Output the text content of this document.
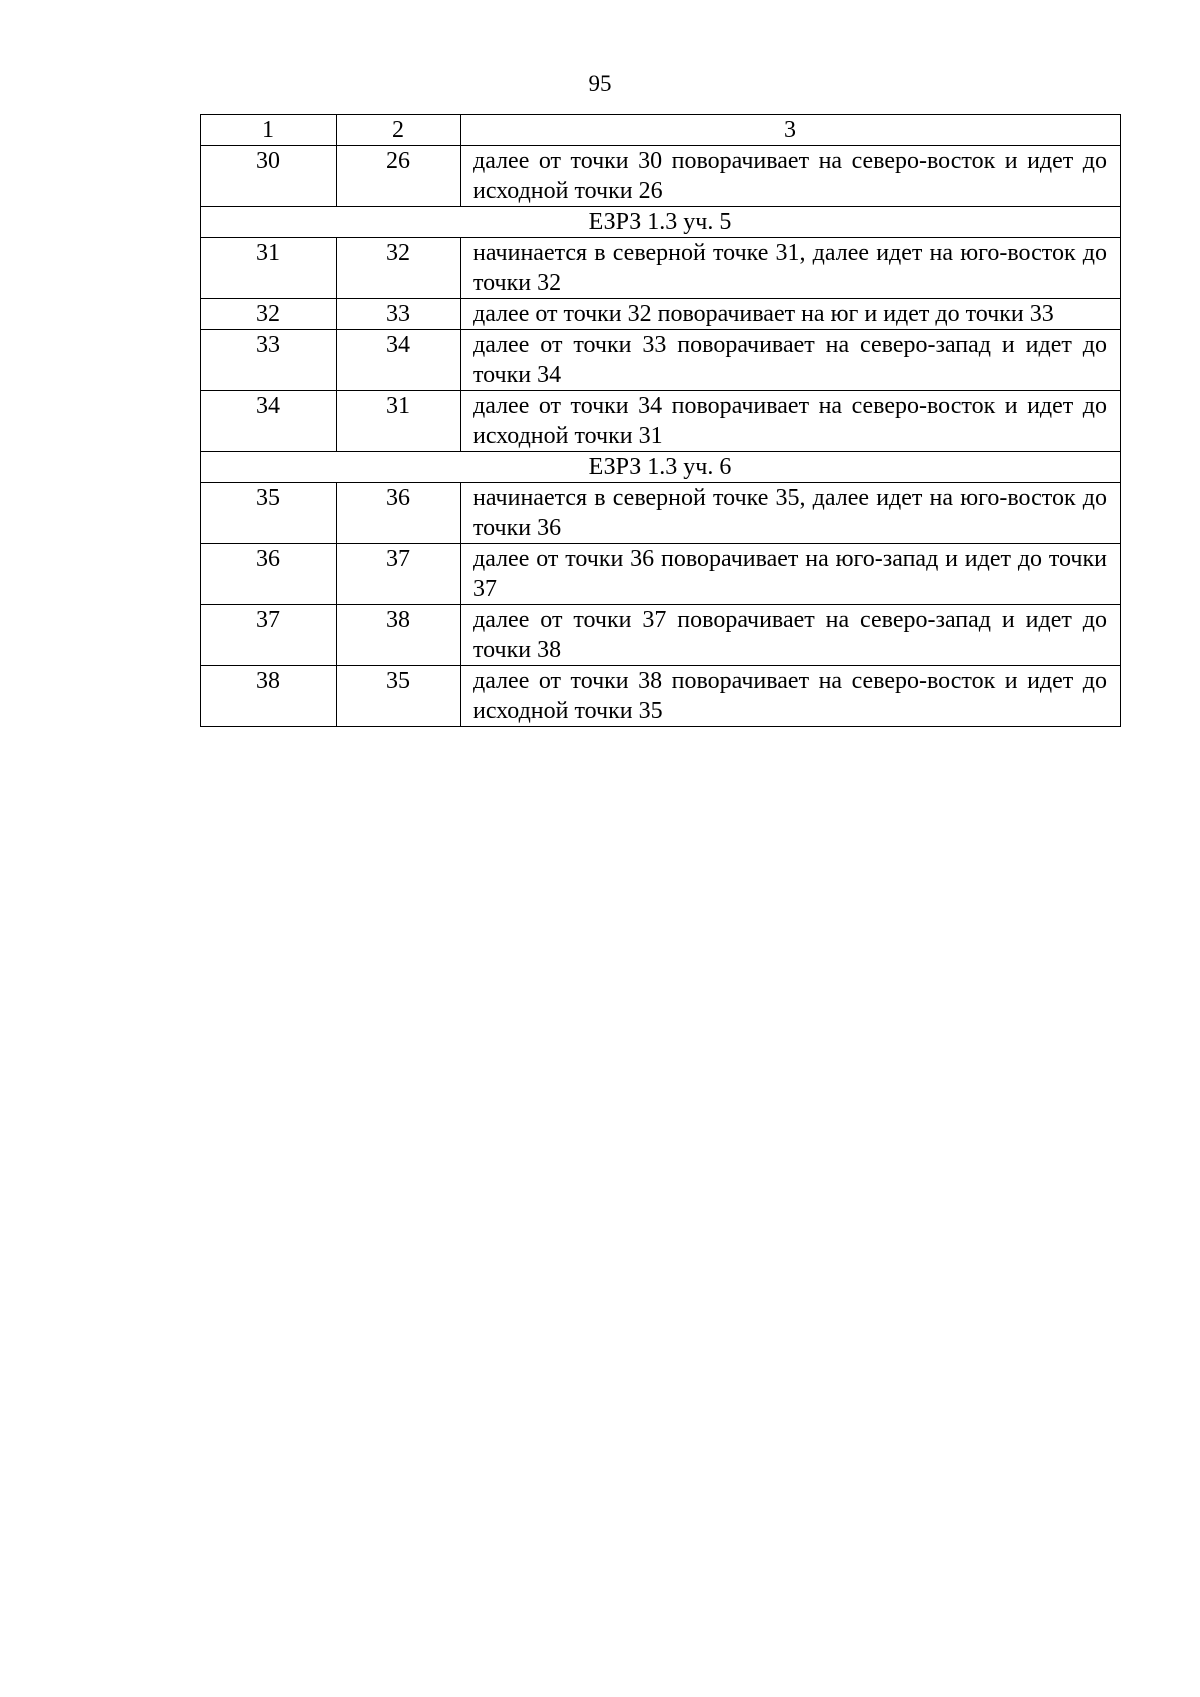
95
1	2	3
30	26	далее от точки 30 поворачивает на северо-восток и идет до исходной точки 26
ЕЗРЗ 1.3 уч. 5		
31	32	начинается в северной точке 31, далее идет на юго-восток до точки 32
32	33	далее от точки 32 поворачивает на юг и идет до точки 33
33	34	далее от точки 33 поворачивает на северо-запад и идет до точки 34
34	31	далее от точки 34 поворачивает на северо-восток и идет до исходной точки 31
ЕЗРЗ 1.3 уч. 6		
35	36	начинается в северной точке 35, далее идет на юго-восток до точки 36
36	37	далее от точки 36 поворачивает на юго-запад и идет до точки 37
37	38	далее от точки 37 поворачивает на северо-запад и идет до точки 38
38	35	далее от точки 38 поворачивает на северо-восток и идет до исходной точки 35
